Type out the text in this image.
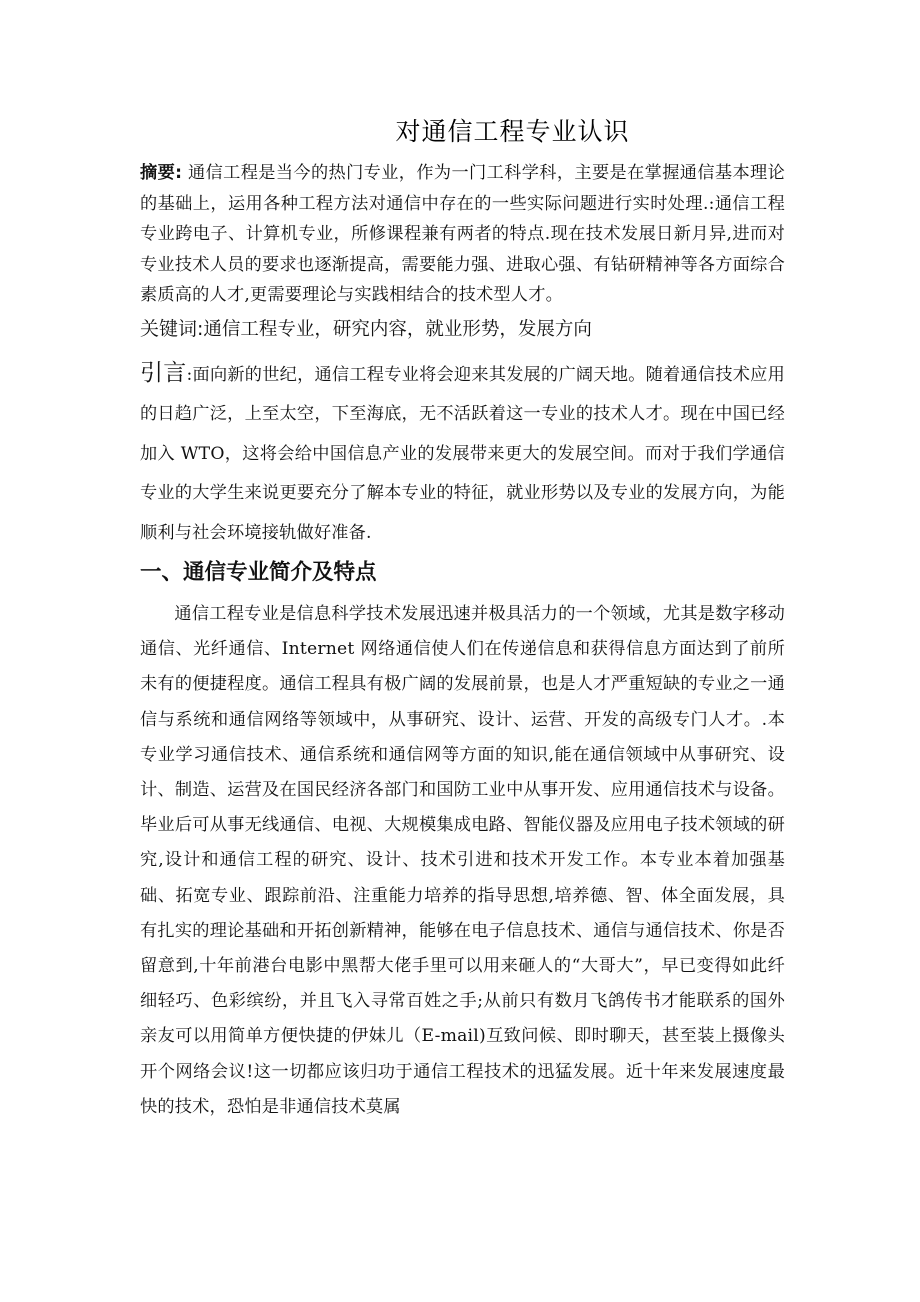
对通信工程专业认识

摘要: 通信工程是当今的热门专业，作为一门工科学科，主要是在掌握通信基本理论的基础上，运用各种工程方法对通信中存在的一些实际问题进行实时处理.:通信工程专业跨电子、计算机专业，所修课程兼有两者的特点.现在技术发展日新月异,进而对专业技术人员的要求也逐渐提高，需要能力强、进取心强、有钻研精神等各方面综合素质高的人才,更需要理论与实践相结合的技术型人才。

关键词:通信工程专业，研究内容，就业形势，发展方向

引言:面向新的世纪，通信工程专业将会迎来其发展的广阔天地。随着通信技术应用的日趋广泛，上至太空，下至海底，无不活跃着这一专业的技术人才。现在中国已经加入 WTO，这将会给中国信息产业的发展带来更大的发展空间。而对于我们学通信专业的大学生来说更要充分了解本专业的特征，就业形势以及专业的发展方向，为能顺利与社会环境接轨做好准备.

一、通信专业简介及特点

通信工程专业是信息科学技术发展迅速并极具活力的一个领域，尤其是数字移动通信、光纤通信、Internet 网络通信使人们在传递信息和获得信息方面达到了前所未有的便捷程度。通信工程具有极广阔的发展前景，也是人才严重短缺的专业之一通信与系统和通信网络等领域中，从事研究、设计、运营、开发的高级专门人才。.本专业学习通信技术、通信系统和通信网等方面的知识,能在通信领域中从事研究、设计、制造、运营及在国民经济各部门和国防工业中从事开发、应用通信技术与设备。毕业后可从事无线通信、电视、大规模集成电路、智能仪器及应用电子技术领域的研究,设计和通信工程的研究、设计、技术引进和技术开发工作。本专业本着加强基础、拓宽专业、跟踪前沿、注重能力培养的指导思想,培养德、智、体全面发展，具有扎实的理论基础和开拓创新精神，能够在电子信息技术、通信与通信技术、你是否留意到,十年前港台电影中黑帮大佬手里可以用来砸人的“大哥大”，早已变得如此纤细轻巧、色彩缤纷，并且飞入寻常百姓之手;从前只有数月飞鸽传书才能联系的国外亲友可以用简单方便快捷的伊妹儿（E-mail)互致问候、即时聊天，甚至装上摄像头开个网络会议!这一切都应该归功于通信工程技术的迅猛发展。近十年来发展速度最快的技术，恐怕是非通信技术莫属
